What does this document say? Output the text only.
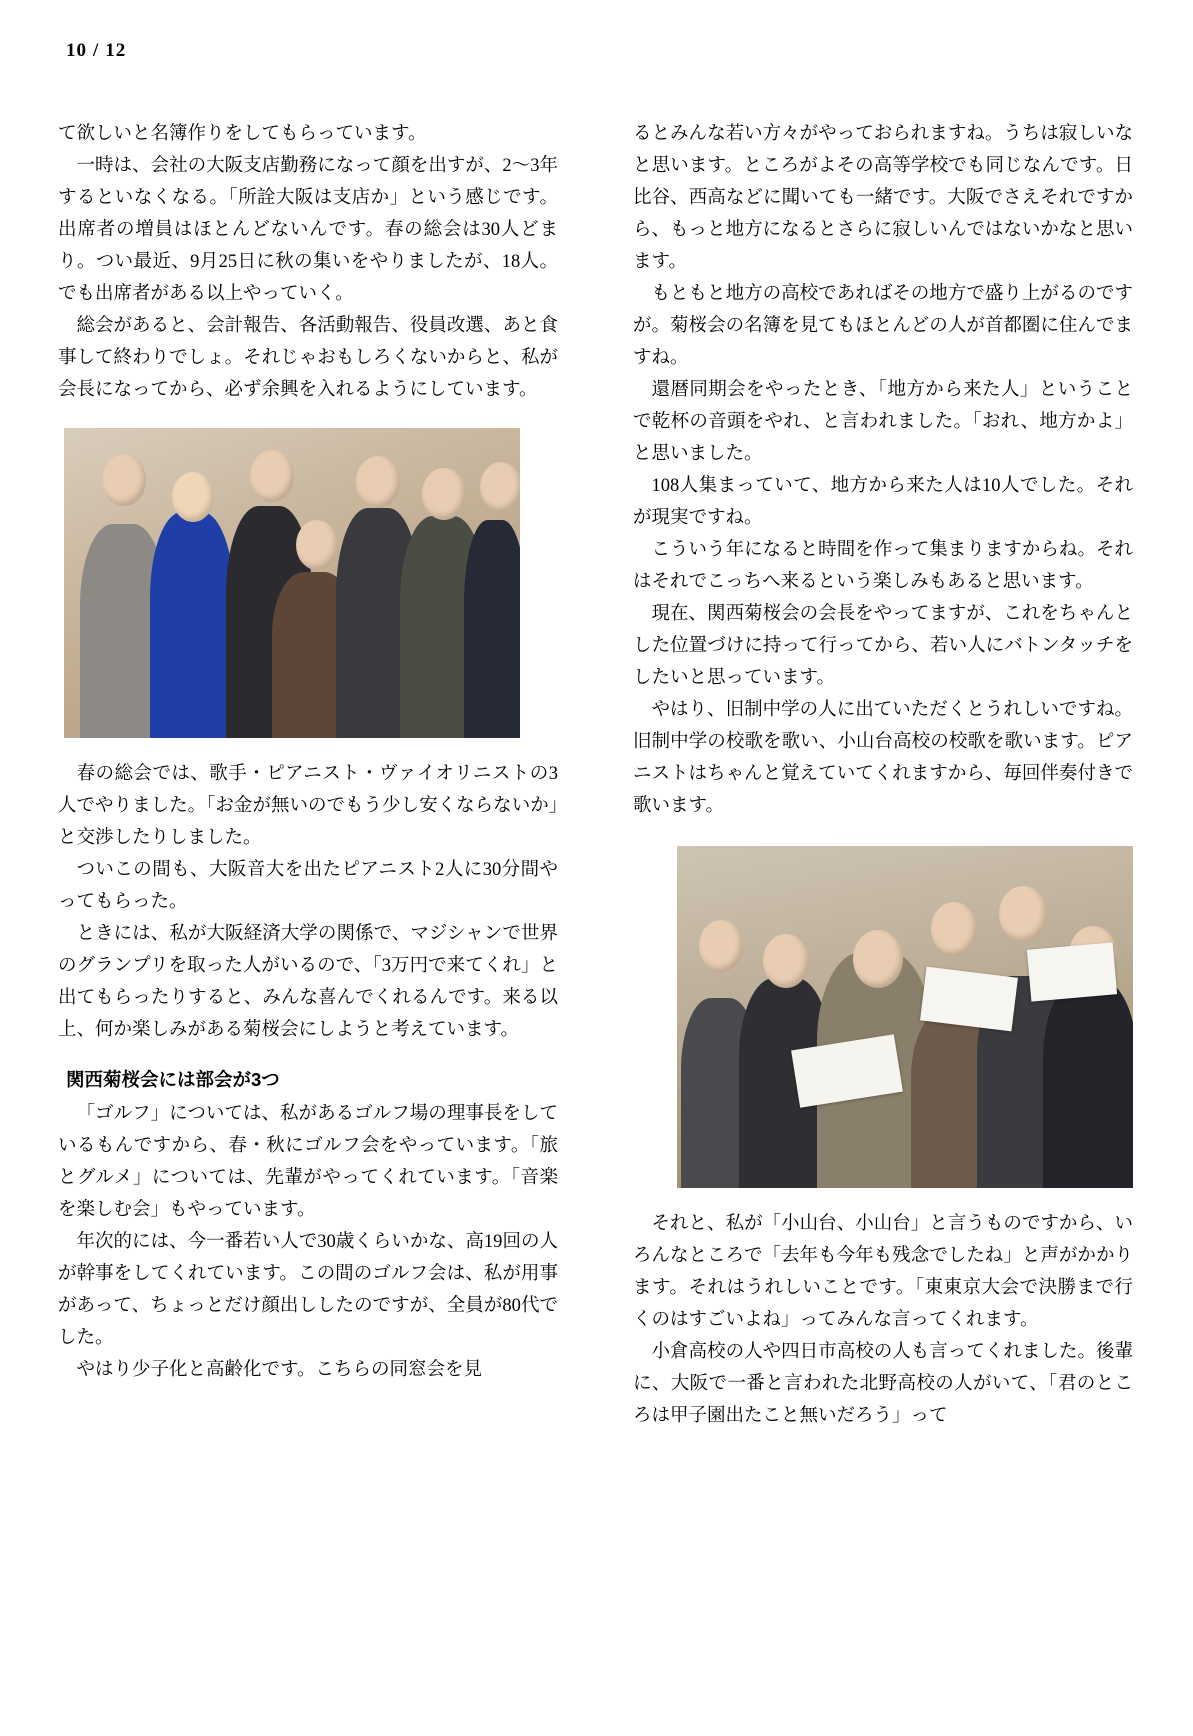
10 / 12

て欲しいと名簿作りをしてもらっています。

一時は、会社の大阪支店勤務になって顔を出すが、2〜3年するといなくなる。「所詮大阪は支店か」という感じです。出席者の増員はほとんどないんです。春の総会は30人どまり。つい最近、9月25日に秋の集いをやりましたが、18人。でも出席者がある以上やっていく。

総会があると、会計報告、各活動報告、役員改選、あと食事して終わりでしょ。それじゃおもしろくないからと、私が会長になってから、必ず余興を入れるようにしています。

春の総会では、歌手・ピアニスト・ヴァイオリニストの3人でやりました。「お金が無いのでもう少し安くならないか」と交渉したりしました。

ついこの間も、大阪音大を出たピアニスト2人に30分間やってもらった。

ときには、私が大阪経済大学の関係で、マジシャンで世界のグランプリを取った人がいるので、「3万円で来てくれ」と出てもらったりすると、みんな喜んでくれるんです。来る以上、何か楽しみがある菊桜会にしようと考えています。

関西菊桜会には部会が3つ

「ゴルフ」については、私があるゴルフ場の理事長をしているもんですから、春・秋にゴルフ会をやっています。「旅とグルメ」については、先輩がやってくれています。「音楽を楽しむ会」もやっています。

年次的には、今一番若い人で30歳くらいかな、高19回の人が幹事をしてくれています。この間のゴルフ会は、私が用事があって、ちょっとだけ顔出ししたのですが、全員が80代でした。

やはり少子化と高齢化です。こちらの同窓会を見

るとみんな若い方々がやっておられますね。うちは寂しいなと思います。ところがよその高等学校でも同じなんです。日比谷、西高などに聞いても一緒です。大阪でさえそれですから、もっと地方になるとさらに寂しいんではないかなと思います。

もともと地方の高校であればその地方で盛り上がるのですが。菊桜会の名簿を見てもほとんどの人が首都圏に住んでますね。

還暦同期会をやったとき、「地方から来た人」ということで乾杯の音頭をやれ、と言われました。「おれ、地方かよ」と思いました。

108人集まっていて、地方から来た人は10人でした。それが現実ですね。

こういう年になると時間を作って集まりますからね。それはそれでこっちへ来るという楽しみもあると思います。

現在、関西菊桜会の会長をやってますが、これをちゃんとした位置づけに持って行ってから、若い人にバトンタッチをしたいと思っています。

やはり、旧制中学の人に出ていただくとうれしいですね。旧制中学の校歌を歌い、小山台高校の校歌を歌います。ピアニストはちゃんと覚えていてくれますから、毎回伴奏付きで歌います。

それと、私が「小山台、小山台」と言うものですから、いろんなところで「去年も今年も残念でしたね」と声がかかります。それはうれしいことです。「東東京大会で決勝まで行くのはすごいよね」ってみんな言ってくれます。

小倉高校の人や四日市高校の人も言ってくれました。後輩に、大阪で一番と言われた北野高校の人がいて、「君のところは甲子園出たこと無いだろう」って
